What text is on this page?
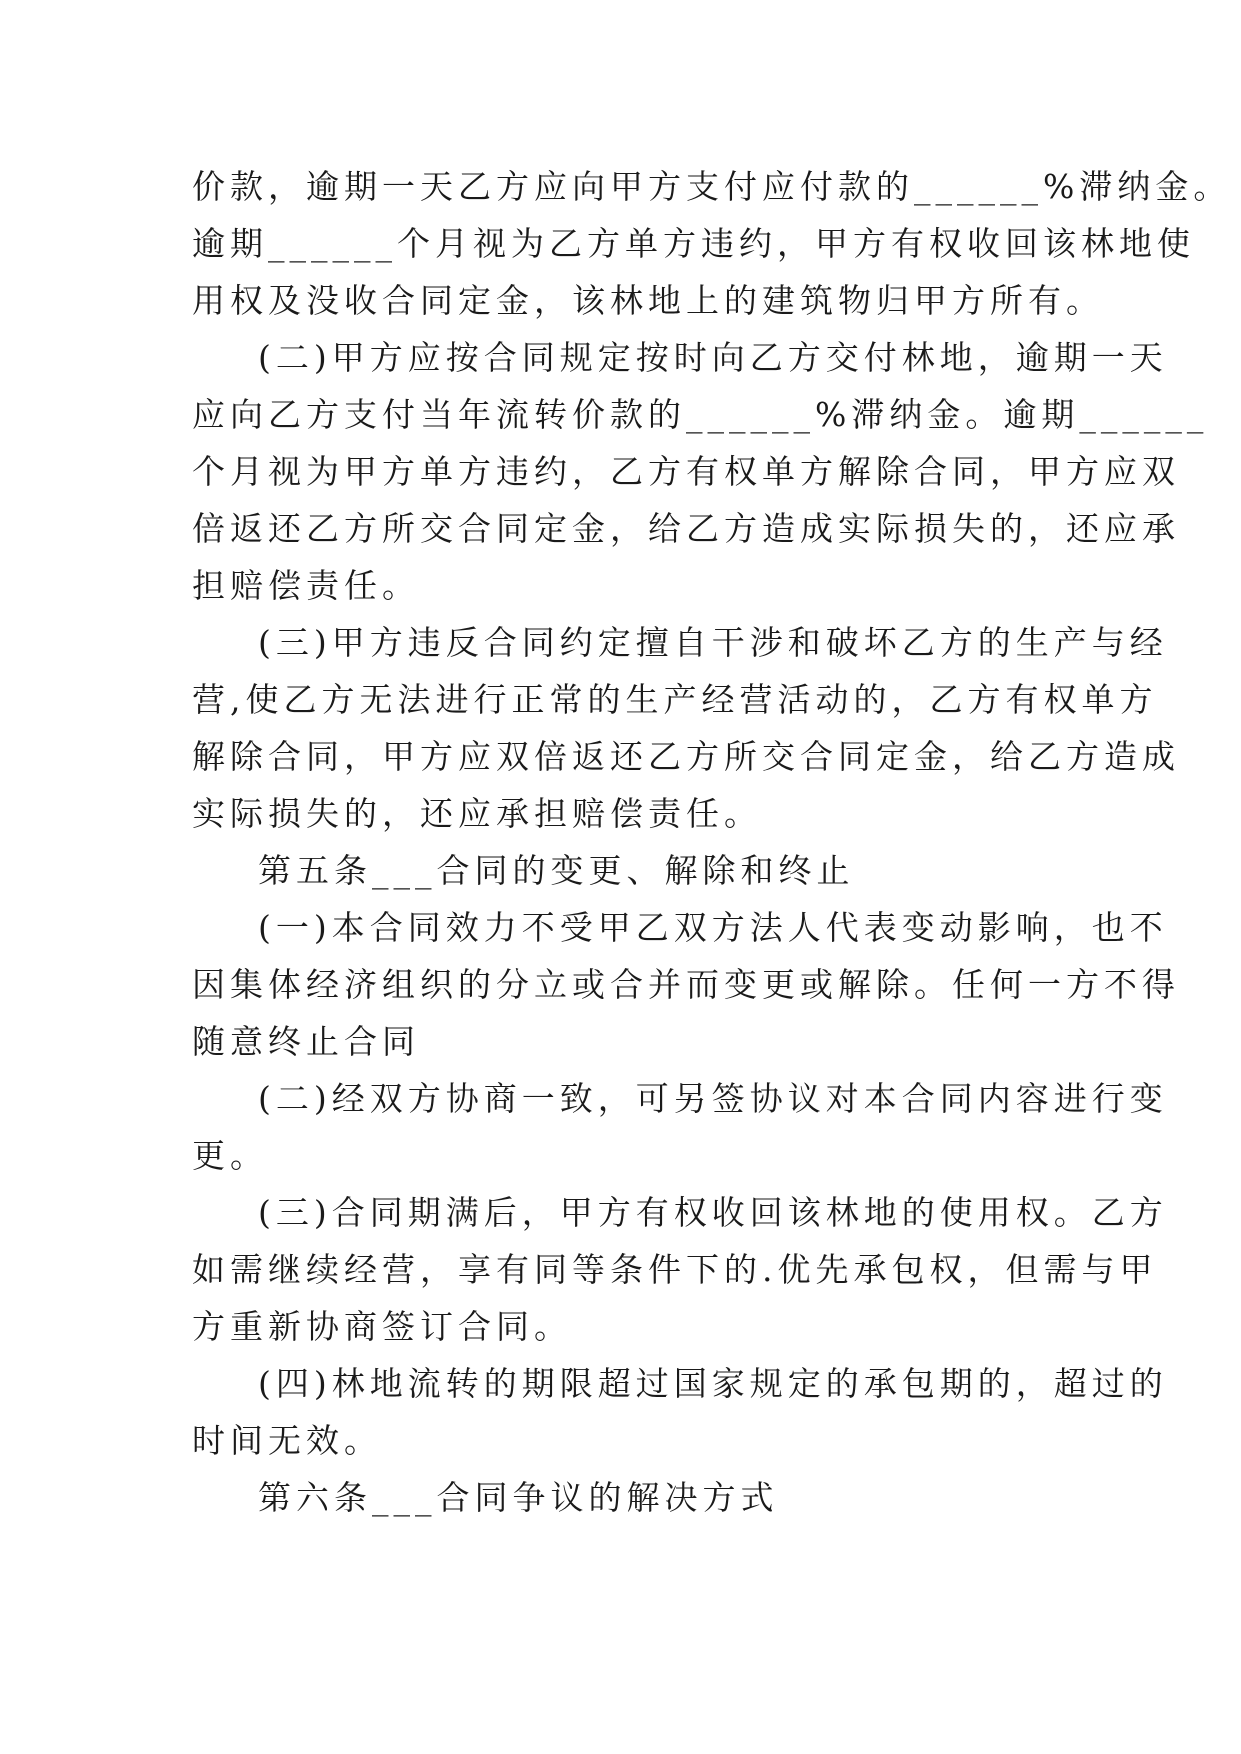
价款，逾期一天乙方应向甲方支付应付款的______%滞纳金。
逾期______个月视为乙方单方违约，甲方有权收回该林地使
用权及没收合同定金，该林地上的建筑物归甲方所有。
(二)甲方应按合同规定按时向乙方交付林地，逾期一天
应向乙方支付当年流转价款的______%滞纳金。逾期______
个月视为甲方单方违约，乙方有权单方解除合同，甲方应双
倍返还乙方所交合同定金，给乙方造成实际损失的，还应承
担赔偿责任。
(三)甲方违反合同约定擅自干涉和破坏乙方的生产与经
营,使乙方无法进行正常的生产经营活动的，乙方有权单方
解除合同，甲方应双倍返还乙方所交合同定金，给乙方造成
实际损失的，还应承担赔偿责任。
第五条___合同的变更、解除和终止
(一)本合同效力不受甲乙双方法人代表变动影响，也不
因集体经济组织的分立或合并而变更或解除。任何一方不得
随意终止合同
(二)经双方协商一致，可另签协议对本合同内容进行变
更。
(三)合同期满后，甲方有权收回该林地的使用权。乙方
如需继续经营，享有同等条件下的.优先承包权，但需与甲
方重新协商签订合同。
(四)林地流转的期限超过国家规定的承包期的，超过的
时间无效。
第六条___合同争议的解决方式
